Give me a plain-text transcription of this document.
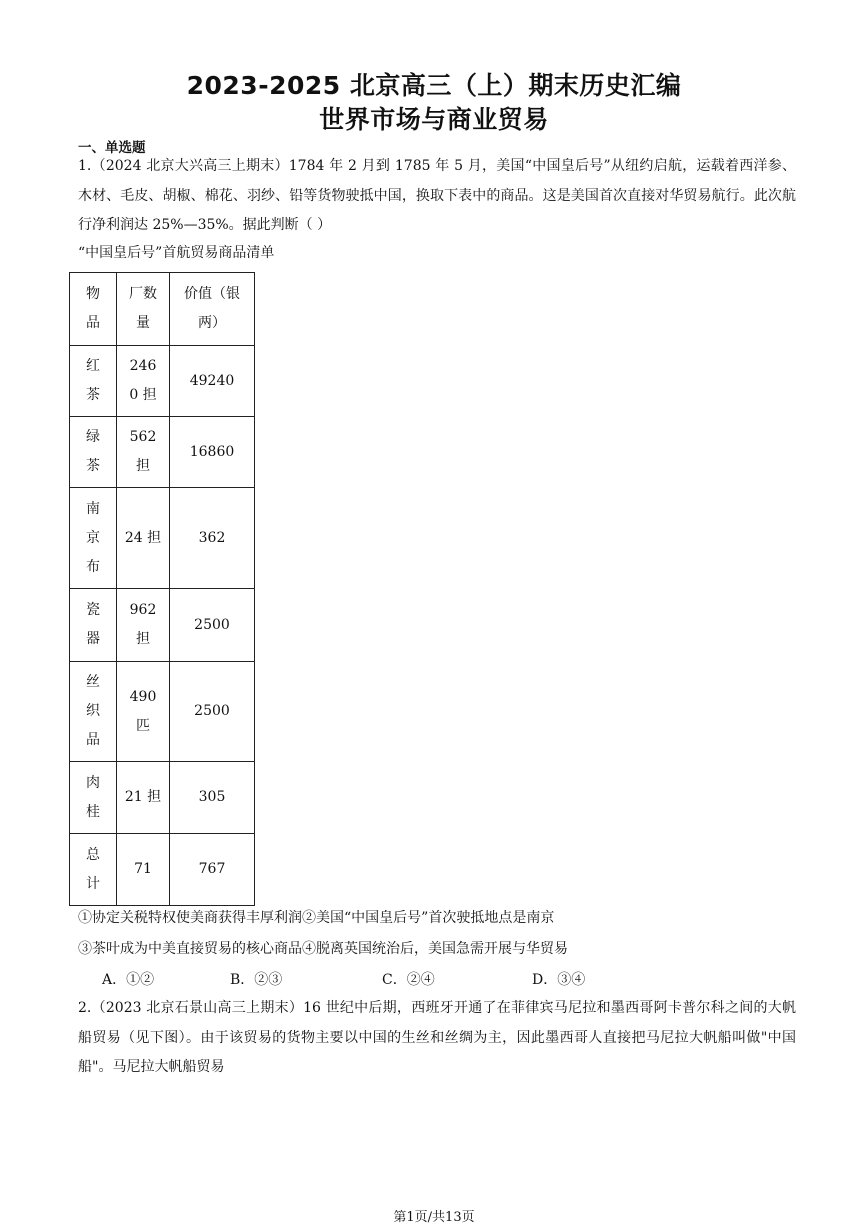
2023-2025 北京高三（上）期末历史汇编
世界市场与商业贸易
一、单选题
1.（2024 北京大兴高三上期末）1784 年 2 月到 1785 年 5 月，美国“中国皇后号”从纽约启航，运载着西洋参、木材、毛皮、胡椒、棉花、羽纱、铅等货物驶抵中国，换取下表中的商品。这是美国首次直接对华贸易航行。此次航行净利润达 25%—35%。据此判断（ ）
“中国皇后号”首航贸易商品清单
物品	厂数量	价值（银两）

红茶	2460 担	49240

绿茶	562 担	16860

南京布	24 担	362

瓷器	962 担	2500

丝织品	490 匹	2500

肉桂	21 担	305

总计	71	767
①协定关税特权使美商获得丰厚利润②美国“中国皇后号”首次驶抵地点是南京
③茶叶成为中美直接贸易的核心商品④脱离英国统治后，美国急需开展与华贸易
A．①②	B．②③	C．②④	D．③④
2.（2023 北京石景山高三上期末）16 世纪中后期，西班牙开通了在菲律宾马尼拉和墨西哥阿卡普尔科之间的大帆船贸易（见下图）。由于该贸易的货物主要以中国的生丝和丝绸为主，因此墨西哥人直接把马尼拉大帆船叫做"中国船"。马尼拉大帆船贸易
第1页/共13页
